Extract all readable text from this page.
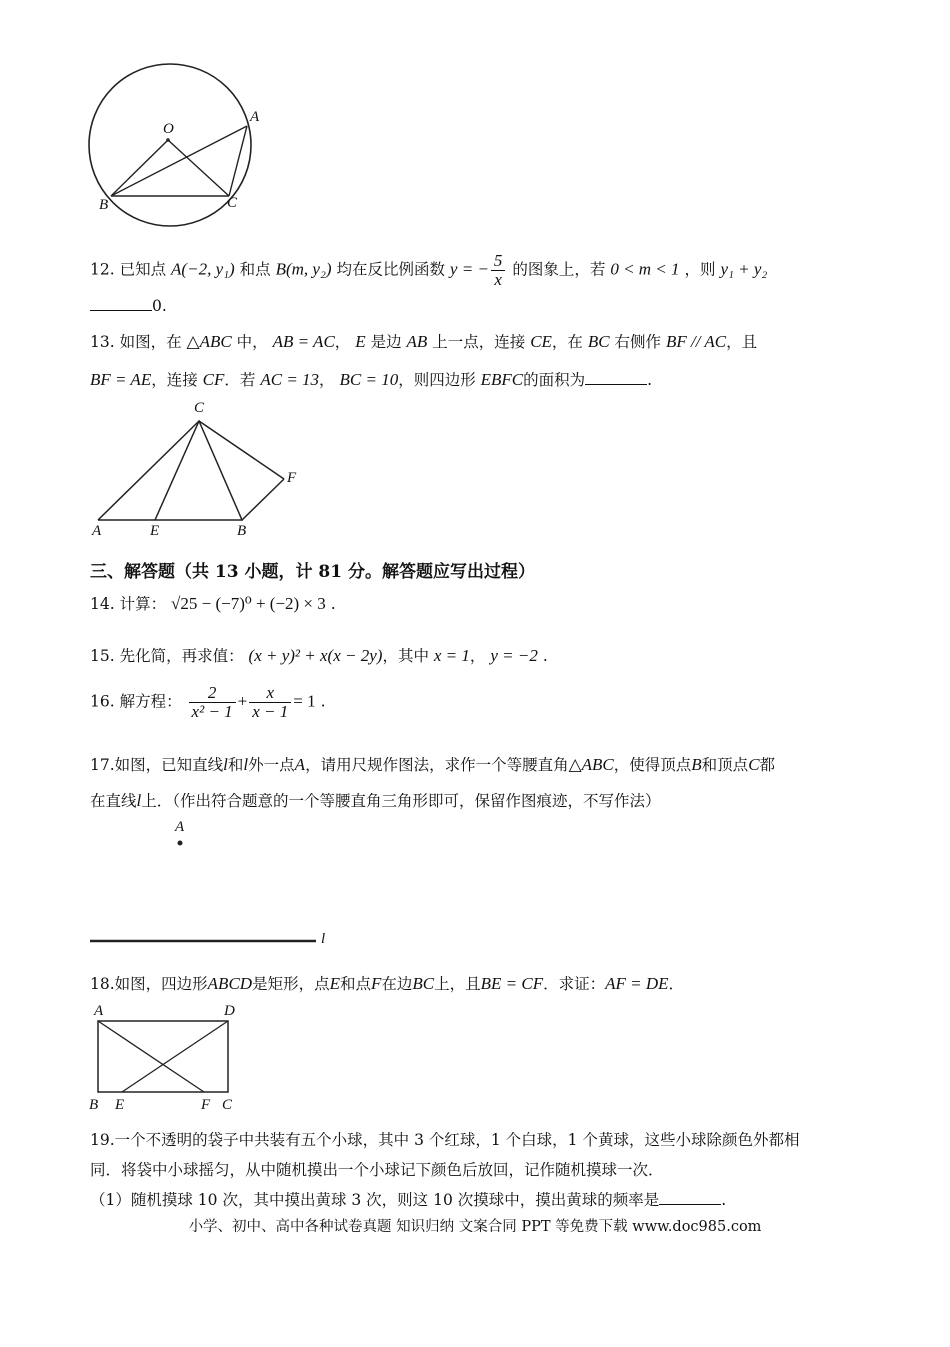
O
A
B	C
12. 已知点 A(−2, y₁) 和点 B(m, y₂) 均在反比例函数 y = − $\frac{5}{x}$ 的图象上，若 0 < m < 1 ，则 y₁ + y₂
0.
13. 如图，在 △ABC 中， AB = AC， E 是边 AB 上一点，连接 CE，在 BC 右侧作 BF // AC，且
BF = AE，连接 CF．若 AC = 13， BC = 10，则四边形 EBFC的面积为	.
C
F
A	E	B
三、解答题（共 13 小题，计 81 分。解答题应写出过程）
14. 计算： √25 − (−7)⁰ + (−2) × 3 .
15. 先化简，再求值： (x + y)² + x(x − 2y)，其中 x = 1， y = −2 .
16. 解方程： $\frac{2}{\text{x² − 1}} + \frac{x}{x - 1} = 1$ .
17.如图，已知直线l和l外一点A，请用尺规作图法，求作一个等腰直角△ABC，使得顶点B和顶点C都
在直线l上．（作出符合题意的一个等腰直角三角形即可，保留作图痕迹，不写作法）
A
l
18.如图，四边形ABCD是矩形，点E和点F在边BC上，且BE = CF．求证：AF = DE．
A	D
B E	F C
19.一个不透明的袋子中共装有五个小球，其中 3 个红球，1 个白球，1 个黄球，这些小球除颜色外都相
同．将袋中小球摇匀，从中随机摸出一个小球记下颜色后放回，记作随机摸球一次．
（1）随机摸球 10 次，其中摸出黄球 3 次，则这 10 次摸球中，摸出黄球的频率是	.
小学、初中、高中各种试卷真题 知识归纳 文案合同 PPT 等免费下载 www.doc985.com
